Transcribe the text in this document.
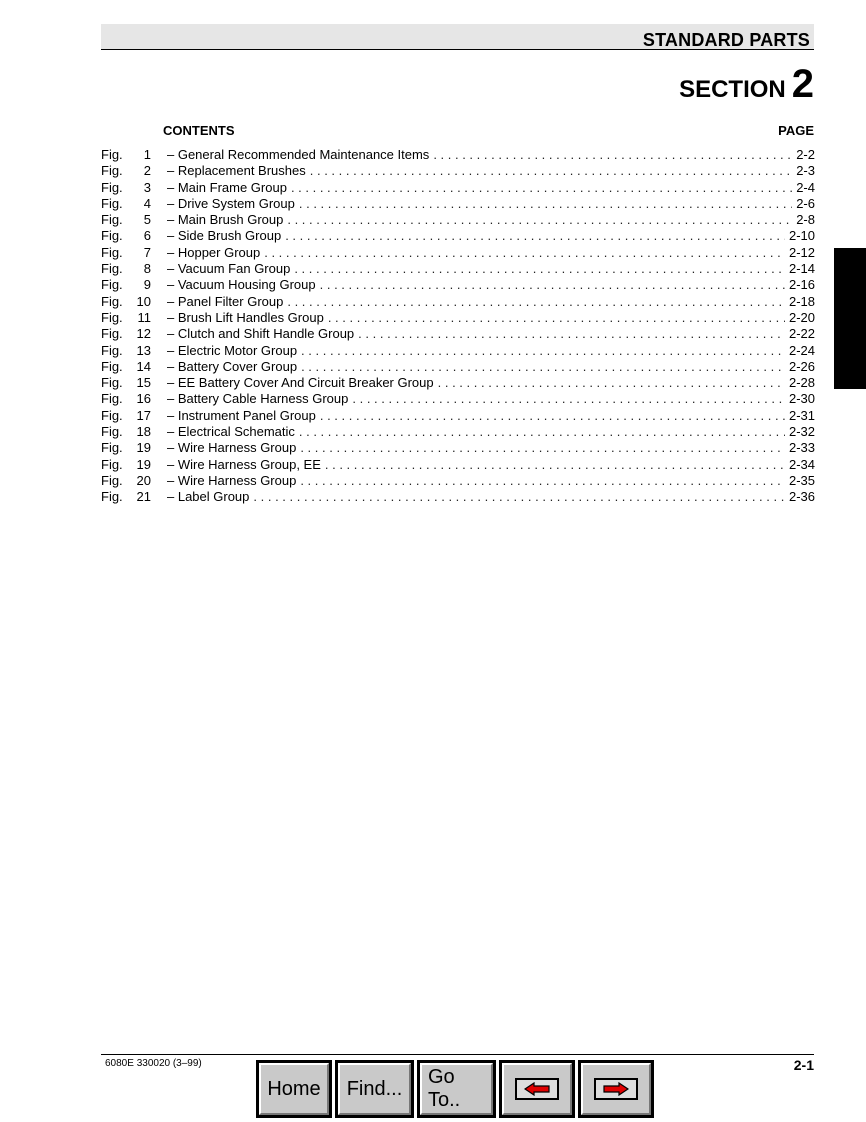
STANDARD PARTS
SECTION 2
CONTENTS	PAGE
Fig.	1 – General Recommended Maintenance Items . . .	2-2
Fig.	2 – Replacement Brushes . . .	2-3
Fig.	3 – Main Frame Group . . .	2-4
Fig.	4 – Drive System Group . . .	2-6
Fig.	5 – Main Brush Group . . .	2-8
Fig.	6 – Side Brush Group . . .	2-10
Fig.	7 – Hopper Group . . .	2-12
Fig.	8 – Vacuum Fan Group . . .	2-14
Fig.	9 – Vacuum Housing Group . . .	2-16
Fig.	10 – Panel Filter Group . . .	2-18
Fig.	11 – Brush Lift Handles Group . . .	2-20
Fig.	12 – Clutch and Shift Handle Group . . .	2-22
Fig.	13 – Electric Motor Group . . .	2-24
Fig.	14 – Battery Cover Group . . .	2-26
Fig.	15 – EE Battery Cover And Circuit Breaker Group . . .	2-28
Fig.	16 – Battery Cable Harness Group . . .	2-30
Fig.	17 – Instrument Panel Group . . .	2-31
Fig.	18 – Electrical Schematic . . .	2-32
Fig.	19 – Wire Harness Group . . .	2-33
Fig.	19 – Wire Harness Group, EE . . .	2-34
Fig.	20 – Wire Harness Group . . .	2-35
Fig.	21 – Label Group . . .	2-36
6080E 330020 (3–99)	2-1
Home Find...
Go To..
